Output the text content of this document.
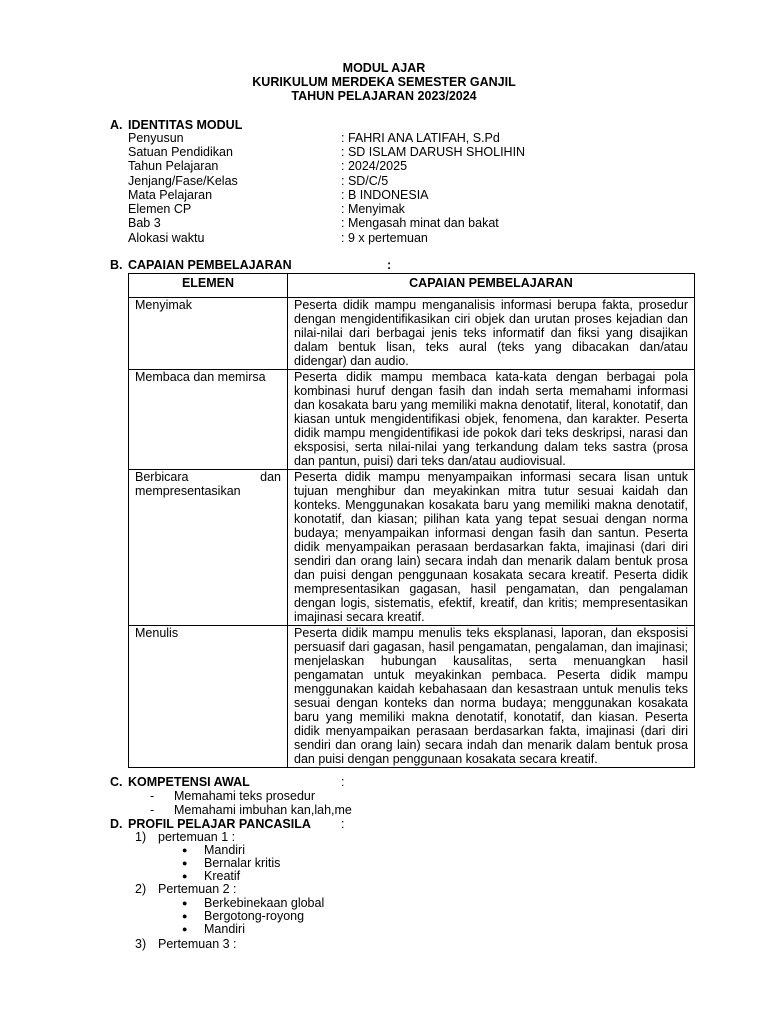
MODUL AJAR
KURIKULUM MERDEKA SEMESTER GANJIL
TAHUN PELAJARAN 2023/2024
A. IDENTITAS MODUL
Penyusun	: FAHRI ANA LATIFAH, S.Pd
Satuan Pendidikan	: SD ISLAM DARUSH SHOLIHIN
Tahun Pelajaran	: 2024/2025
Jenjang/Fase/Kelas	: SD/C/5
Mata Pelajaran	: B INDONESIA
Elemen CP	: Menyimak
Bab 3	: Mengasah minat dan bakat
Alokasi waktu	: 9 x pertemuan
B. CAPAIAN PEMBELAJARAN	:
ELEMEN	CAPAIAN PEMBELAJARAN
Menyimak	Peserta didik mampu menganalisis informasi berupa fakta, prosedur dengan mengidentifikasikan ciri objek dan urutan proses kejadian dan nilai-nilai dari berbagai jenis teks informatif dan fiksi yang disajikan dalam bentuk lisan, teks aural (teks yang dibacakan dan/atau didengar) dan audio.
Membaca dan memirsa	Peserta didik mampu membaca kata-kata dengan berbagai pola kombinasi huruf dengan fasih dan indah serta memahami informasi dan kosakata baru yang memiliki makna denotatif, literal, konotatif, dan kiasan untuk mengidentifikasi objek, fenomena, dan karakter. Peserta didik mampu mengidentifikasi ide pokok dari teks deskripsi, narasi dan eksposisi, serta nilai-nilai yang terkandung dalam teks sastra (prosa dan pantun, puisi) dari teks dan/atau audiovisual.

Berbicara dan
mempresentasikan	Peserta didik mampu menyampaikan informasi secara lisan untuk tujuan menghibur dan meyakinkan mitra tutur sesuai kaidah dan konteks. Menggunakan kosakata baru yang memiliki makna denotatif, konotatif, dan kiasan; pilihan kata yang tepat sesuai dengan norma budaya; menyampaikan informasi dengan fasih dan santun. Peserta didik menyampaikan perasaan berdasarkan fakta, imajinasi (dari diri sendiri dan orang lain) secara indah dan menarik dalam bentuk prosa dan puisi dengan penggunaan kosakata secara kreatif. Peserta didik mempresentasikan gagasan, hasil pengamatan, dan pengalaman dengan logis, sistematis, efektif, kreatif, dan kritis; mempresentasikan imajinasi secara kreatif.
Menulis	Peserta didik mampu menulis teks eksplanasi, laporan, dan eksposisi persuasif dari gagasan, hasil pengamatan, pengalaman, dan imajinasi; menjelaskan hubungan kausalitas, serta menuangkan hasil pengamatan untuk meyakinkan pembaca. Peserta didik mampu menggunakan kaidah kebahasaan dan kesastraan untuk menulis teks sesuai dengan konteks dan norma budaya; menggunakan kosakata baru yang memiliki makna denotatif, konotatif, dan kiasan. Peserta didik menyampaikan perasaan berdasarkan fakta, imajinasi (dari diri sendiri dan orang lain) secara indah dan menarik dalam bentuk prosa dan puisi dengan penggunaan kosakata secara kreatif.
C. KOMPETENSI AWAL	:
- Memahami teks prosedur
- Memahami imbuhan kan,lah,me
D. PROFIL PELAJAR PANCASILA :
1) pertemuan 1 :
● Mandiri
● Bernalar kritis
● Kreatif
2) Pertemuan 2 :
● Berkebinekaan global
● Bergotong-royong
● Mandiri
3) Pertemuan 3 :
